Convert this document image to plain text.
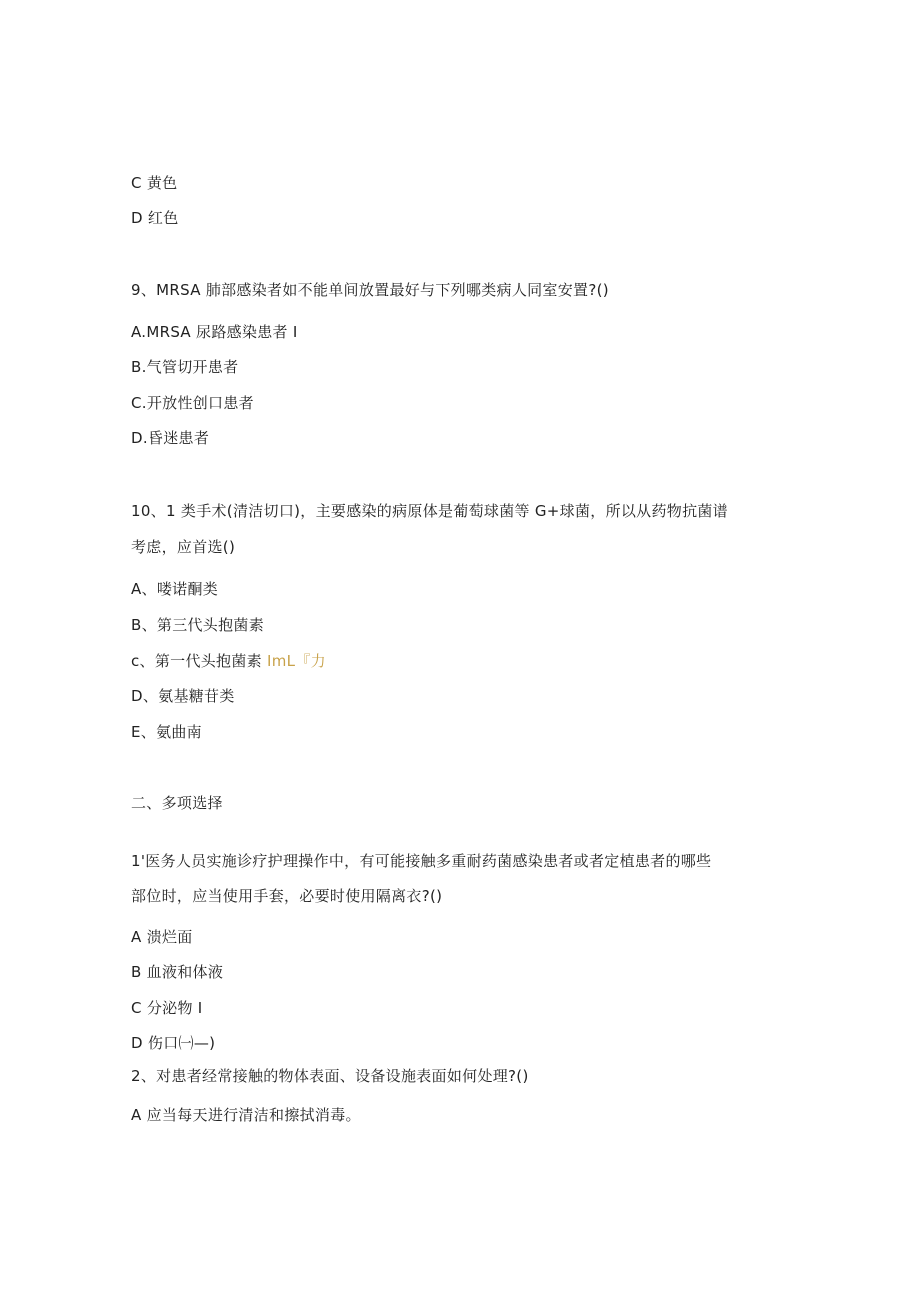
C 黄色
D 红色
9、MRSA 肺部感染者如不能单间放置最好与下列哪类病人同室安置?()
A.MRSA 尿路感染患者 I
B.气管切开患者
C.开放性创口患者
D.昏迷患者
10、1 类手术(清洁切口)，主要感染的病原体是葡萄球菌等 G+球菌，所以从药物抗菌谱
考虑，应首选()
A、喽诺酮类
B、第三代头抱菌素
c、第一代头抱菌素 ImL『力
D、氨基糖苷类
E、氨曲南
二、多项选择
1'医务人员实施诊疗护理操作中，有可能接触多重耐药菌感染患者或者定植患者的哪些
部位时，应当使用手套，必要时使用隔离衣?()
A 溃烂面
B 血液和体液
C 分泌物 I
D 伤口㈠—)
2、对患者经常接触的物体表面、设备设施表面如何处理?()
A 应当每天进行清洁和擦拭消毒。
